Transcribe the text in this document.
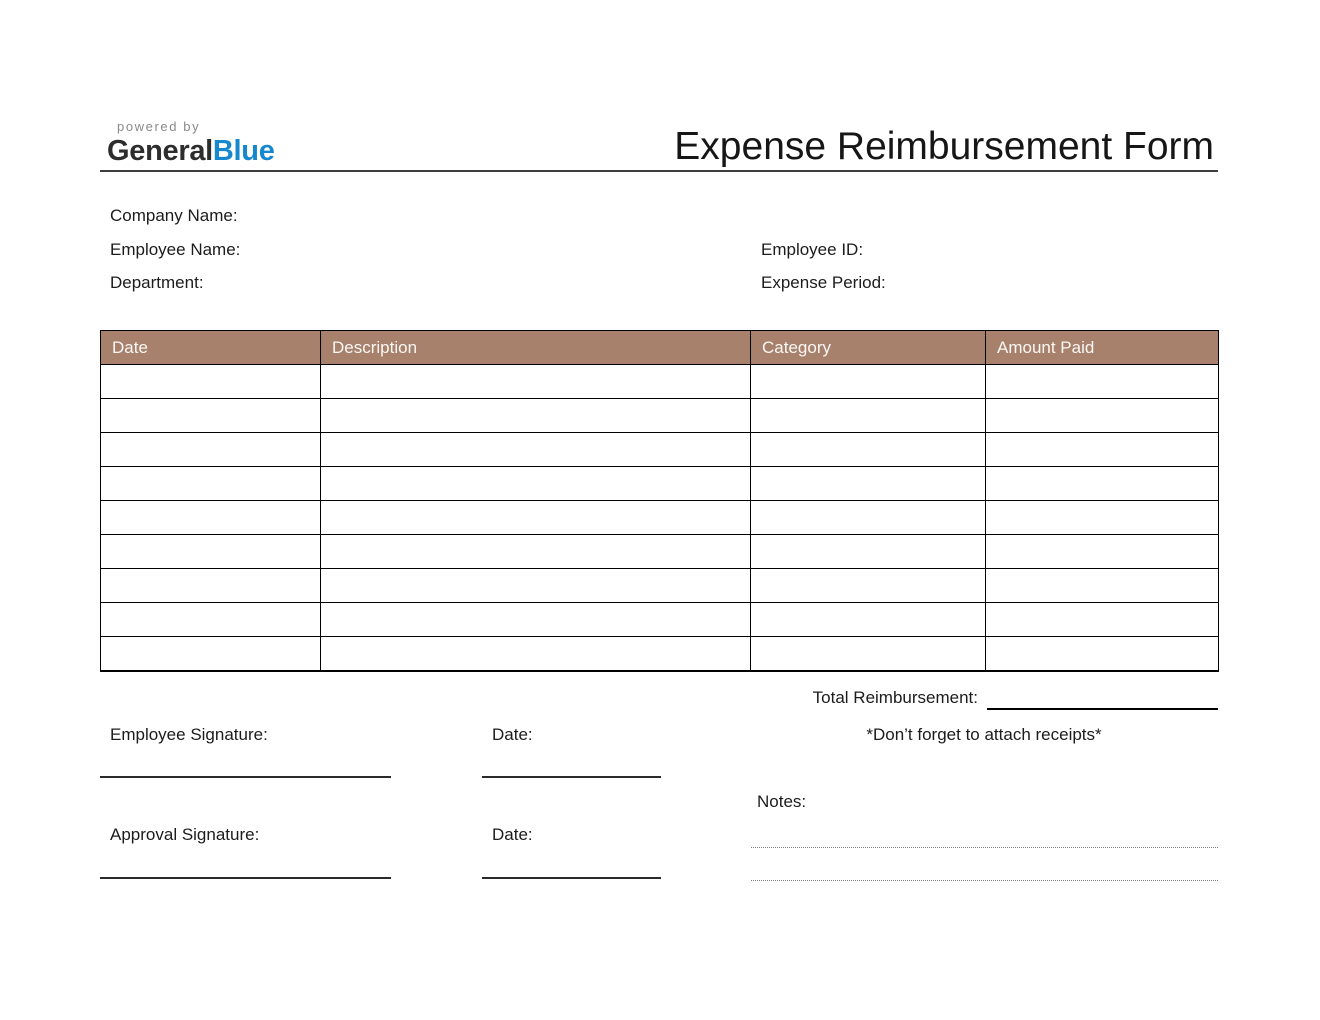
powered by
GeneralBlue	Expense Reimbursement Form
Company Name:
Employee Name:
Department:
Employee ID:
Expense Period:
Date	Description	Category	Amount Paid

Total Reimbursement:
Employee Signature:	Date:	*Don’t forget to attach receipts*
Notes:
Approval Signature:	Date:
